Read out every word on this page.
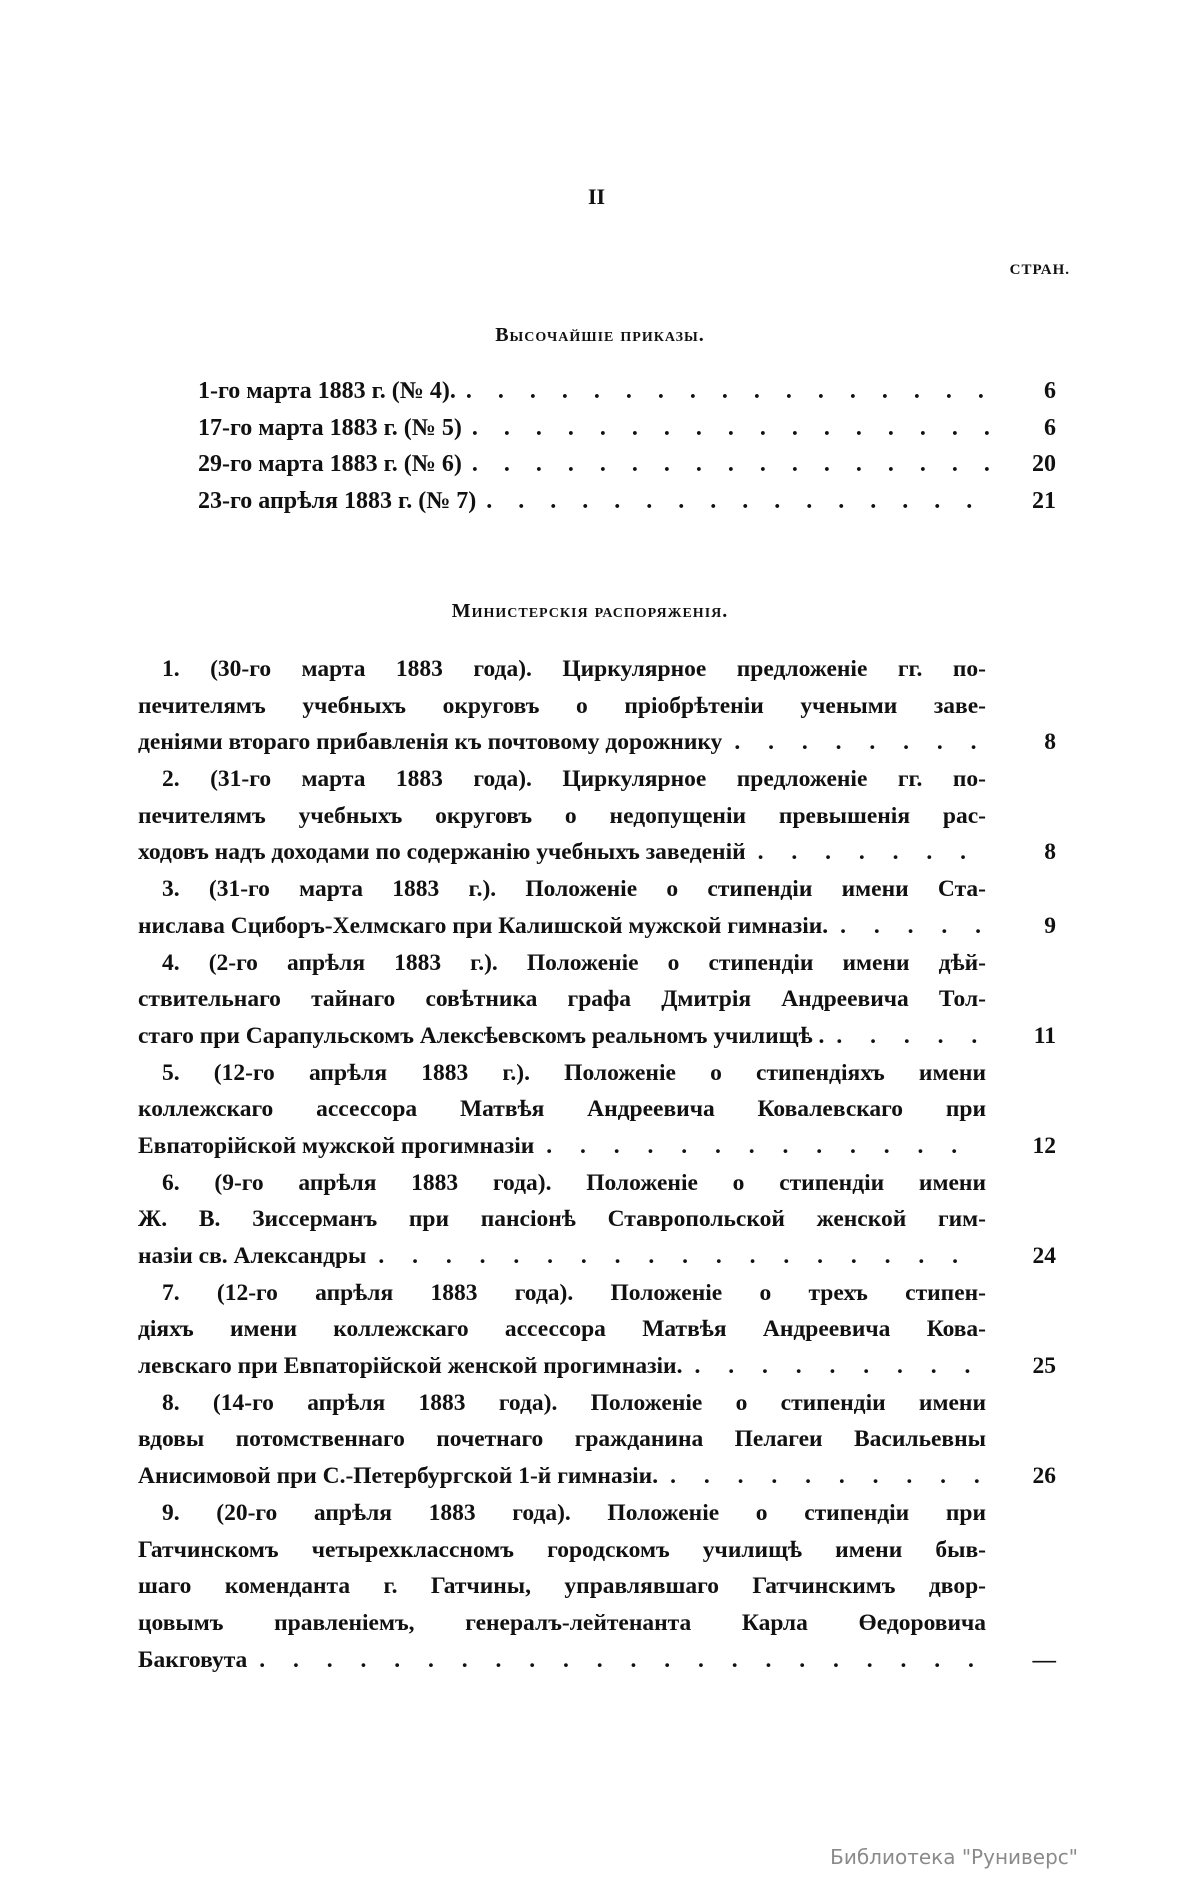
II
СТРАН.
Высочайшіе приказы.
1-го марта 1883 г. (№ 4). . . .	6
17-го марта 1883 г. (№ 5) . . .	6
29-го марта 1883 г. (№ 6) . . .	20
23-го апрѣля 1883 г. (№ 7) . . .	21
Министерскія распоряженія.
1. (30-го марта 1883 года). Циркулярное предложеніе гг. по-
печителямъ учебныхъ округовъ о пріобрѣтеніи учеными заве-
деніями втораго прибавленія къ почтовому дорожнику . . .	8
2. (31-го марта 1883 года). Циркулярное предложеніе гг. по-
печителямъ учебныхъ округовъ о недопущеніи превышенія рас-
ходовъ надъ доходами по содержанію учебныхъ заведеній . . .	8
3. (31-го марта 1883 г.). Положеніе о стипендіи имени Ста-
нислава Сциборъ-Хелмскаго при Калишской мужской гимназіи. . . .	9
4. (2-го апрѣля 1883 г.). Положеніе о стипендіи имени дѣй-
ствительнаго тайнаго совѣтника графа Дмитрія Андреевича Тол-
стаго при Сарапульскомъ Алексѣевскомъ реальномъ училищѣ . . . .	11
5. (12-го апрѣля 1883 г.). Положеніе о стипендіяхъ имени
коллежскаго ассессора Матвѣя Андреевича Ковалевскаго при
Евпаторійской мужской прогимназіи . . .	12
6. (9-го апрѣля 1883 года). Положеніе о стипендіи имени
Ж. В. Зиссерманъ при пансіонѣ Ставропольской женской гим-
назіи св. Александры . . .	24
7. (12-го апрѣля 1883 года). Положеніе о трехъ стипен-
діяхъ имени коллежскаго ассессора Матвѣя Андреевича Кова-
левскаго при Евпаторійской женской прогимназіи. . . .	25
8. (14-го апрѣля 1883 года). Положеніе о стипендіи имени
вдовы потомственнаго почетнаго гражданина Пелагеи Васильевны
Анисимовой при С.-Петербургской 1-й гимназіи. . . .	26
9. (20-го апрѣля 1883 года). Положеніе о стипендіи при
Гатчинскомъ четырехклассномъ городскомъ училищѣ имени быв-
шаго коменданта г. Гатчины, управлявшаго Гатчинскимъ двор-
цовымъ правленіемъ, генералъ-лейтенанта Карла Өедоровича
Бакговута . . .	—
Библиотека "Руниверс"
